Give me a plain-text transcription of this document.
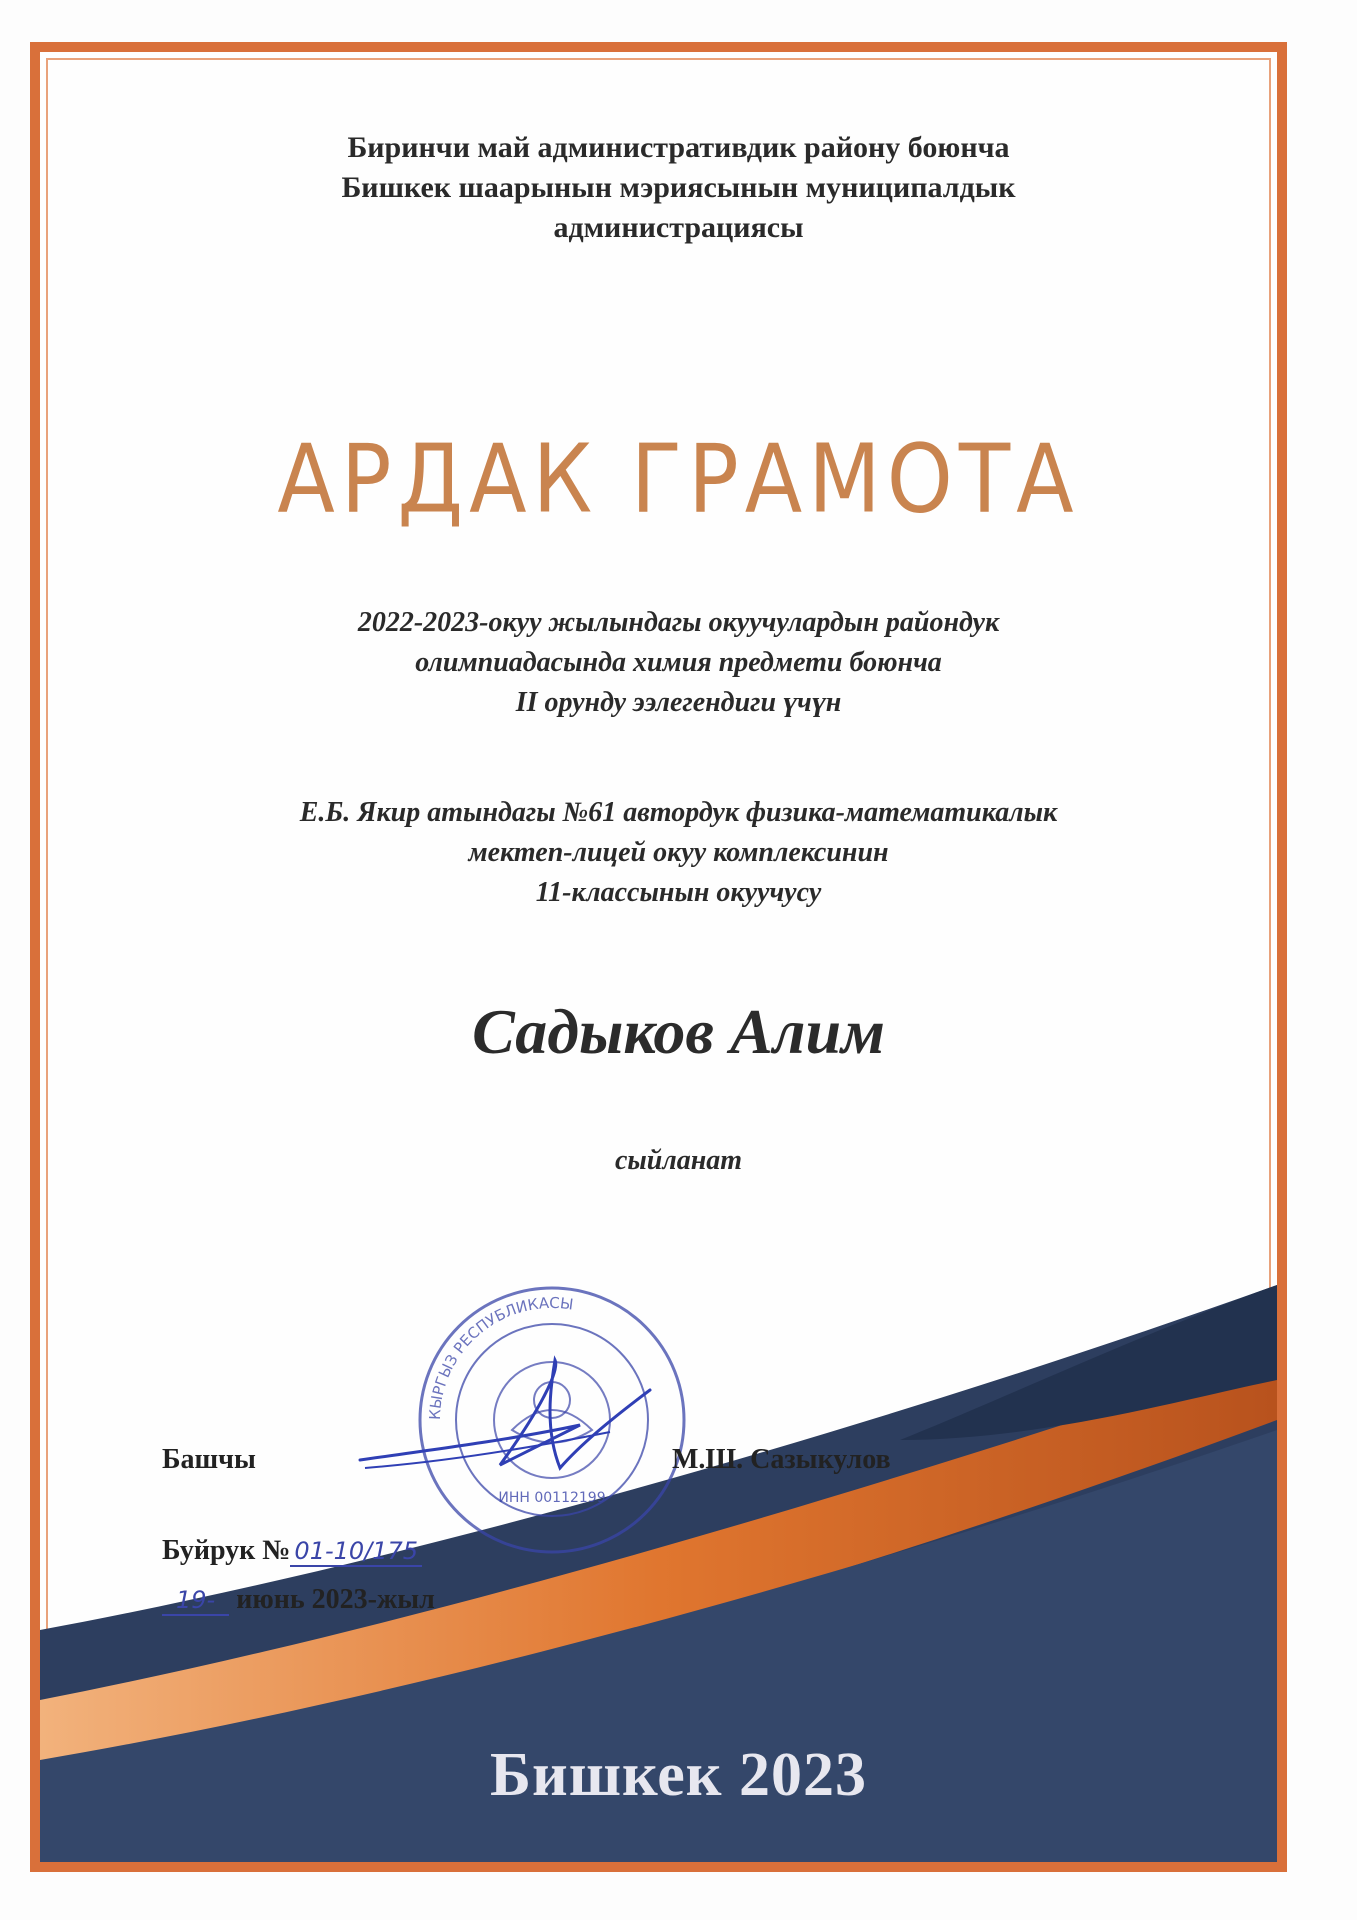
Биринчи май административдик району боюнча
Бишкек шаарынын мэриясынын муниципалдык
администрациясы
АРДАК ГРАМОТА
2022-2023-окуу жылындагы окуучулардын райондук
олимпиадасында химия предмети боюнча
II орунду ээлегендиги үчүн
Е.Б. Якир атындагы №61 автордук физика-математикалык
мектеп-лицей окуу комплексинин
11-классынын окуучусу
Садыков Алим
сыйланат
КЫРГЫЗ РЕСПУБЛИКАСЫ
ИНН 00112199
Башчы	М.Ш. Сазыкулов
Буйрук № 01-10/175
19- июнь 2023-жыл
Бишкек 2023
